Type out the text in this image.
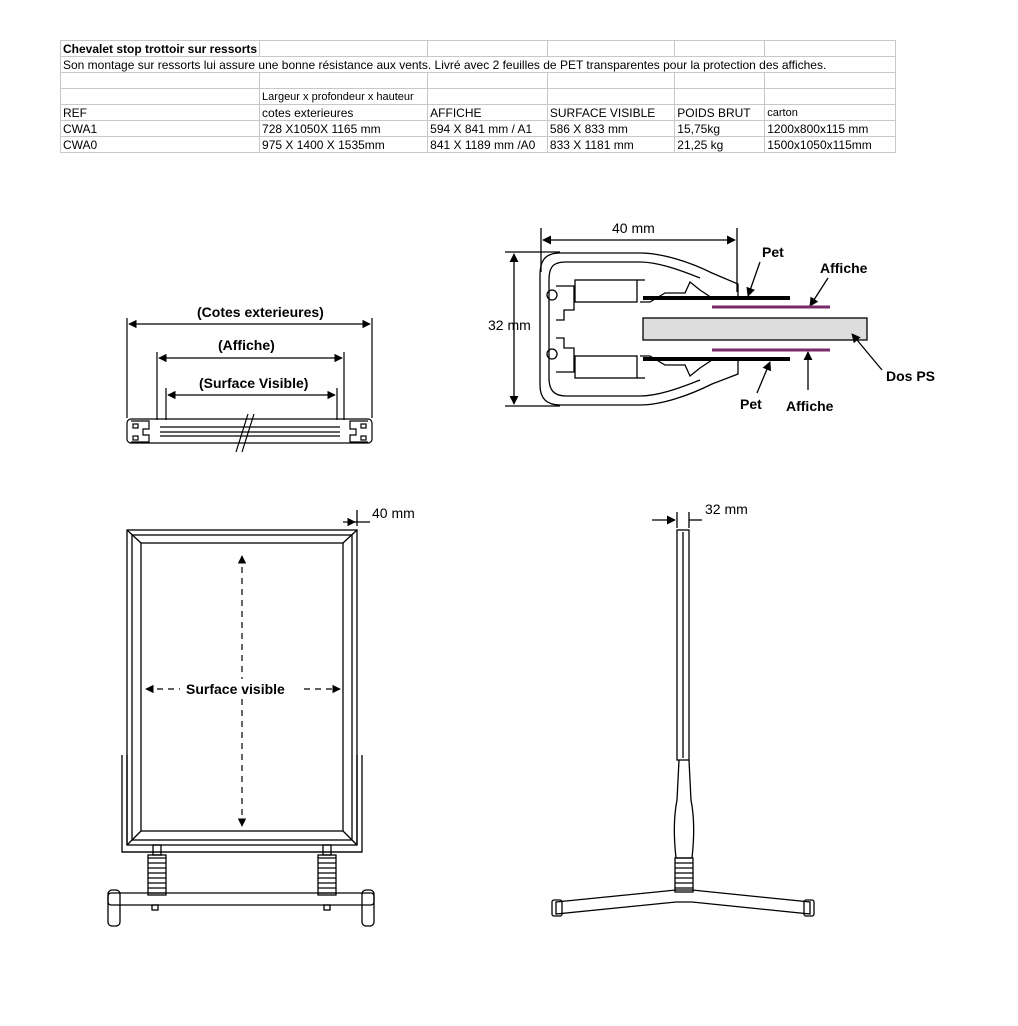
Chevalet stop trottoir sur ressorts					
Son montage sur ressorts lui assure une bonne résistance aux vents. Livré avec 2 feuilles de PET transparentes pour la protection des affiches.					

	Largeur x profondeur x hauteur				
REF	cotes exterieures	AFFICHE	SURFACE VISIBLE	POIDS BRUT	carton
CWA1	728 X1050X 1165 mm	594 X 841 mm / A1	586 X 833 mm	15,75kg	1200x800x115 mm
CWA0	975 X 1400 X 1535mm	841 X 1189 mm /A0	833 X 1181 mm	21,25 kg	1500x1050x115mm
(Cotes exterieures)
(Affiche)
(Surface Visible)
40 mm
32 mm
Pet
Affiche
Dos PS
Pet Affiche
40 mm
Surface visible
32 mm
